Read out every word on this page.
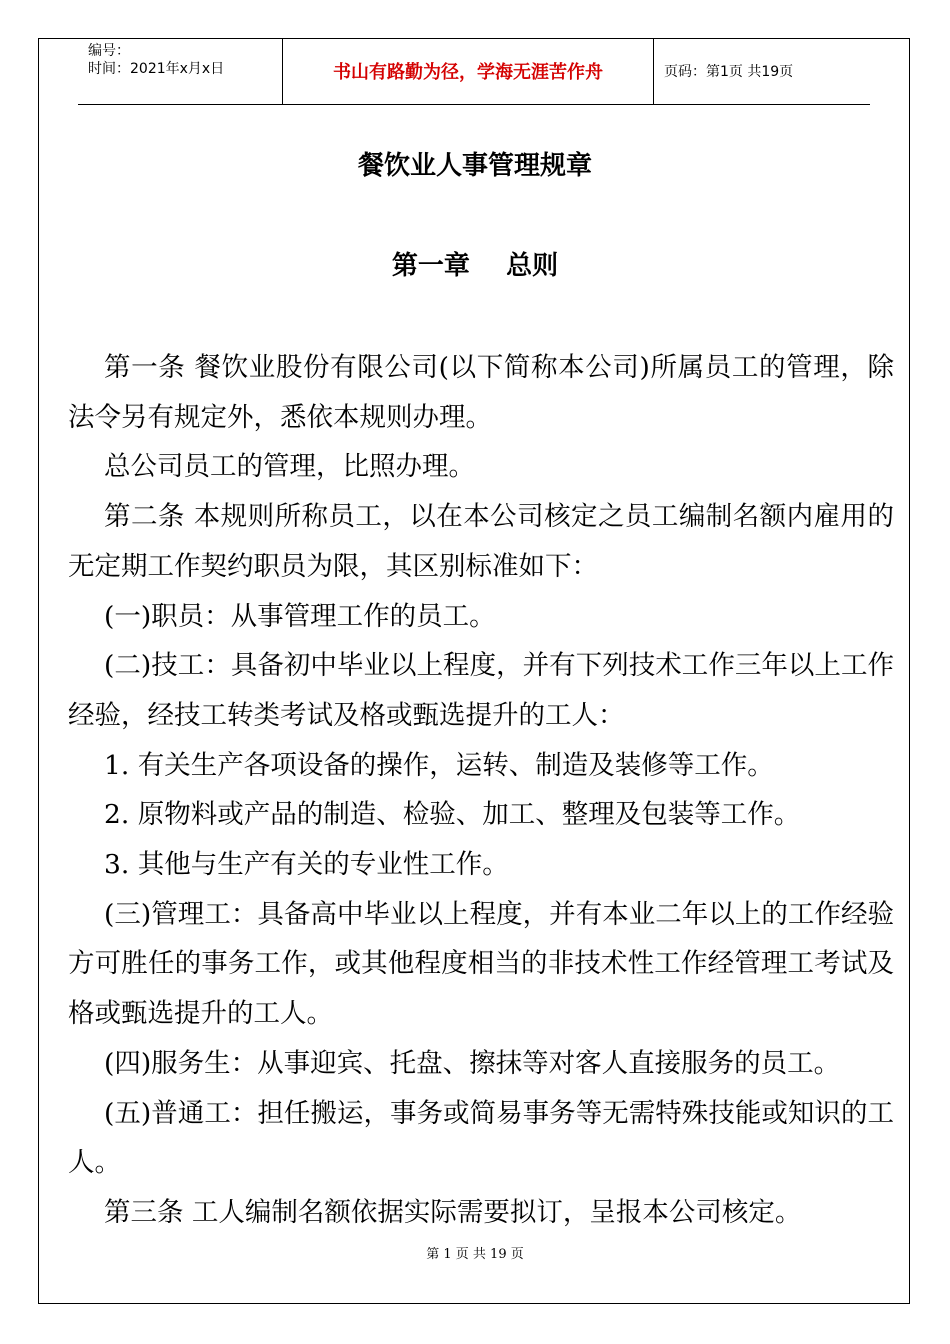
编号：
时间：2021年x月x日	书山有路勤为径，学海无涯苦作舟	页码：第1页 共19页
餐饮业人事管理规章
第一章    总则

第一条 餐饮业股份有限公司(以下简称本公司)所属员工的管理，除法令另有规定外，悉依本规则办理。

总公司员工的管理，比照办理。

第二条 本规则所称员工，以在本公司核定之员工编制名额内雇用的无定期工作契约职员为限，其区别标准如下：

(一)职员：从事管理工作的员工。

(二)技工：具备初中毕业以上程度，并有下列技术工作三年以上工作经验，经技工转类考试及格或甄选提升的工人：

1. 有关生产各项设备的操作，运转、制造及装修等工作。

2. 原物料或产品的制造、检验、加工、整理及包装等工作。

3. 其他与生产有关的专业性工作。

(三)管理工：具备高中毕业以上程度，并有本业二年以上的工作经验方可胜任的事务工作，或其他程度相当的非技术性工作经管理工考试及格或甄选提升的工人。

(四)服务生：从事迎宾、托盘、擦抹等对客人直接服务的员工。

(五)普通工：担任搬运，事务或简易事务等无需特殊技能或知识的工人。

第三条 工人编制名额依据实际需要拟订，呈报本公司核定。

第 1 页 共 19 页
